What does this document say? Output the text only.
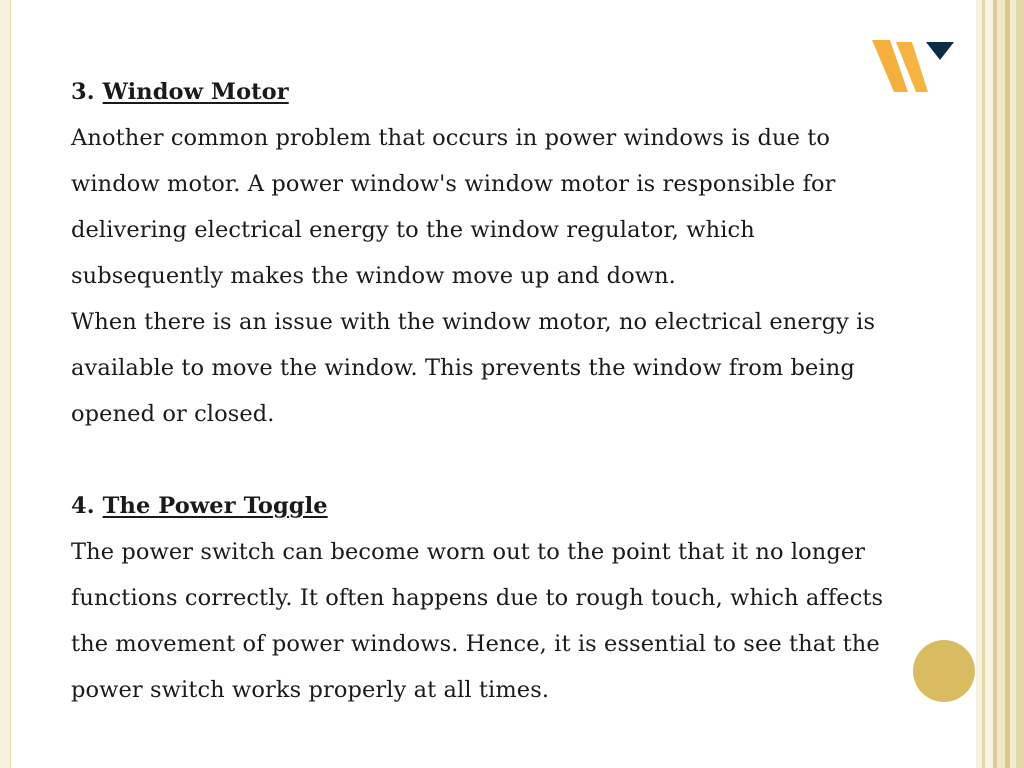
3. Window Motor

Another common problem that occurs in power windows is due to window motor. A power window's window motor is responsible for delivering electrical energy to the window regulator, which subsequently makes the window move up and down.

When there is an issue with the window motor, no electrical energy is available to move the window. This prevents the window from being opened or closed.

4. The Power Toggle

The power switch can become worn out to the point that it no longer functions correctly. It often happens due to rough touch, which affects the movement of power windows. Hence, it is essential to see that the power switch works properly at all times.
